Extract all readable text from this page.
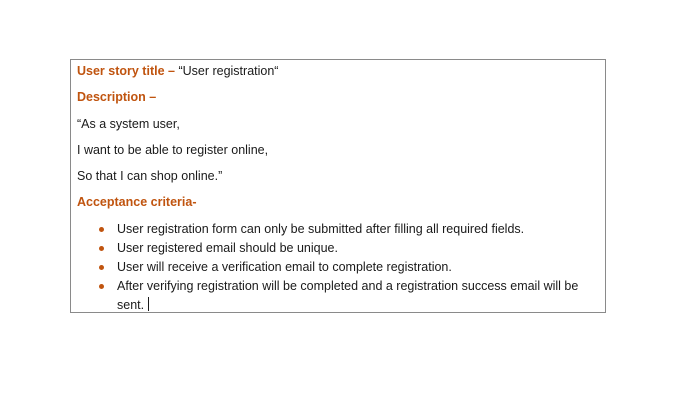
User story title – “User registration“
Description –
“As a system user,
I want to be able to register online,
So that I can shop online.”
Acceptance criteria-
User registration form can only be submitted after filling all required fields.
User registered email should be unique.
User will receive a verification email to complete registration.
After verifying registration will be completed and a registration success email will be sent.
